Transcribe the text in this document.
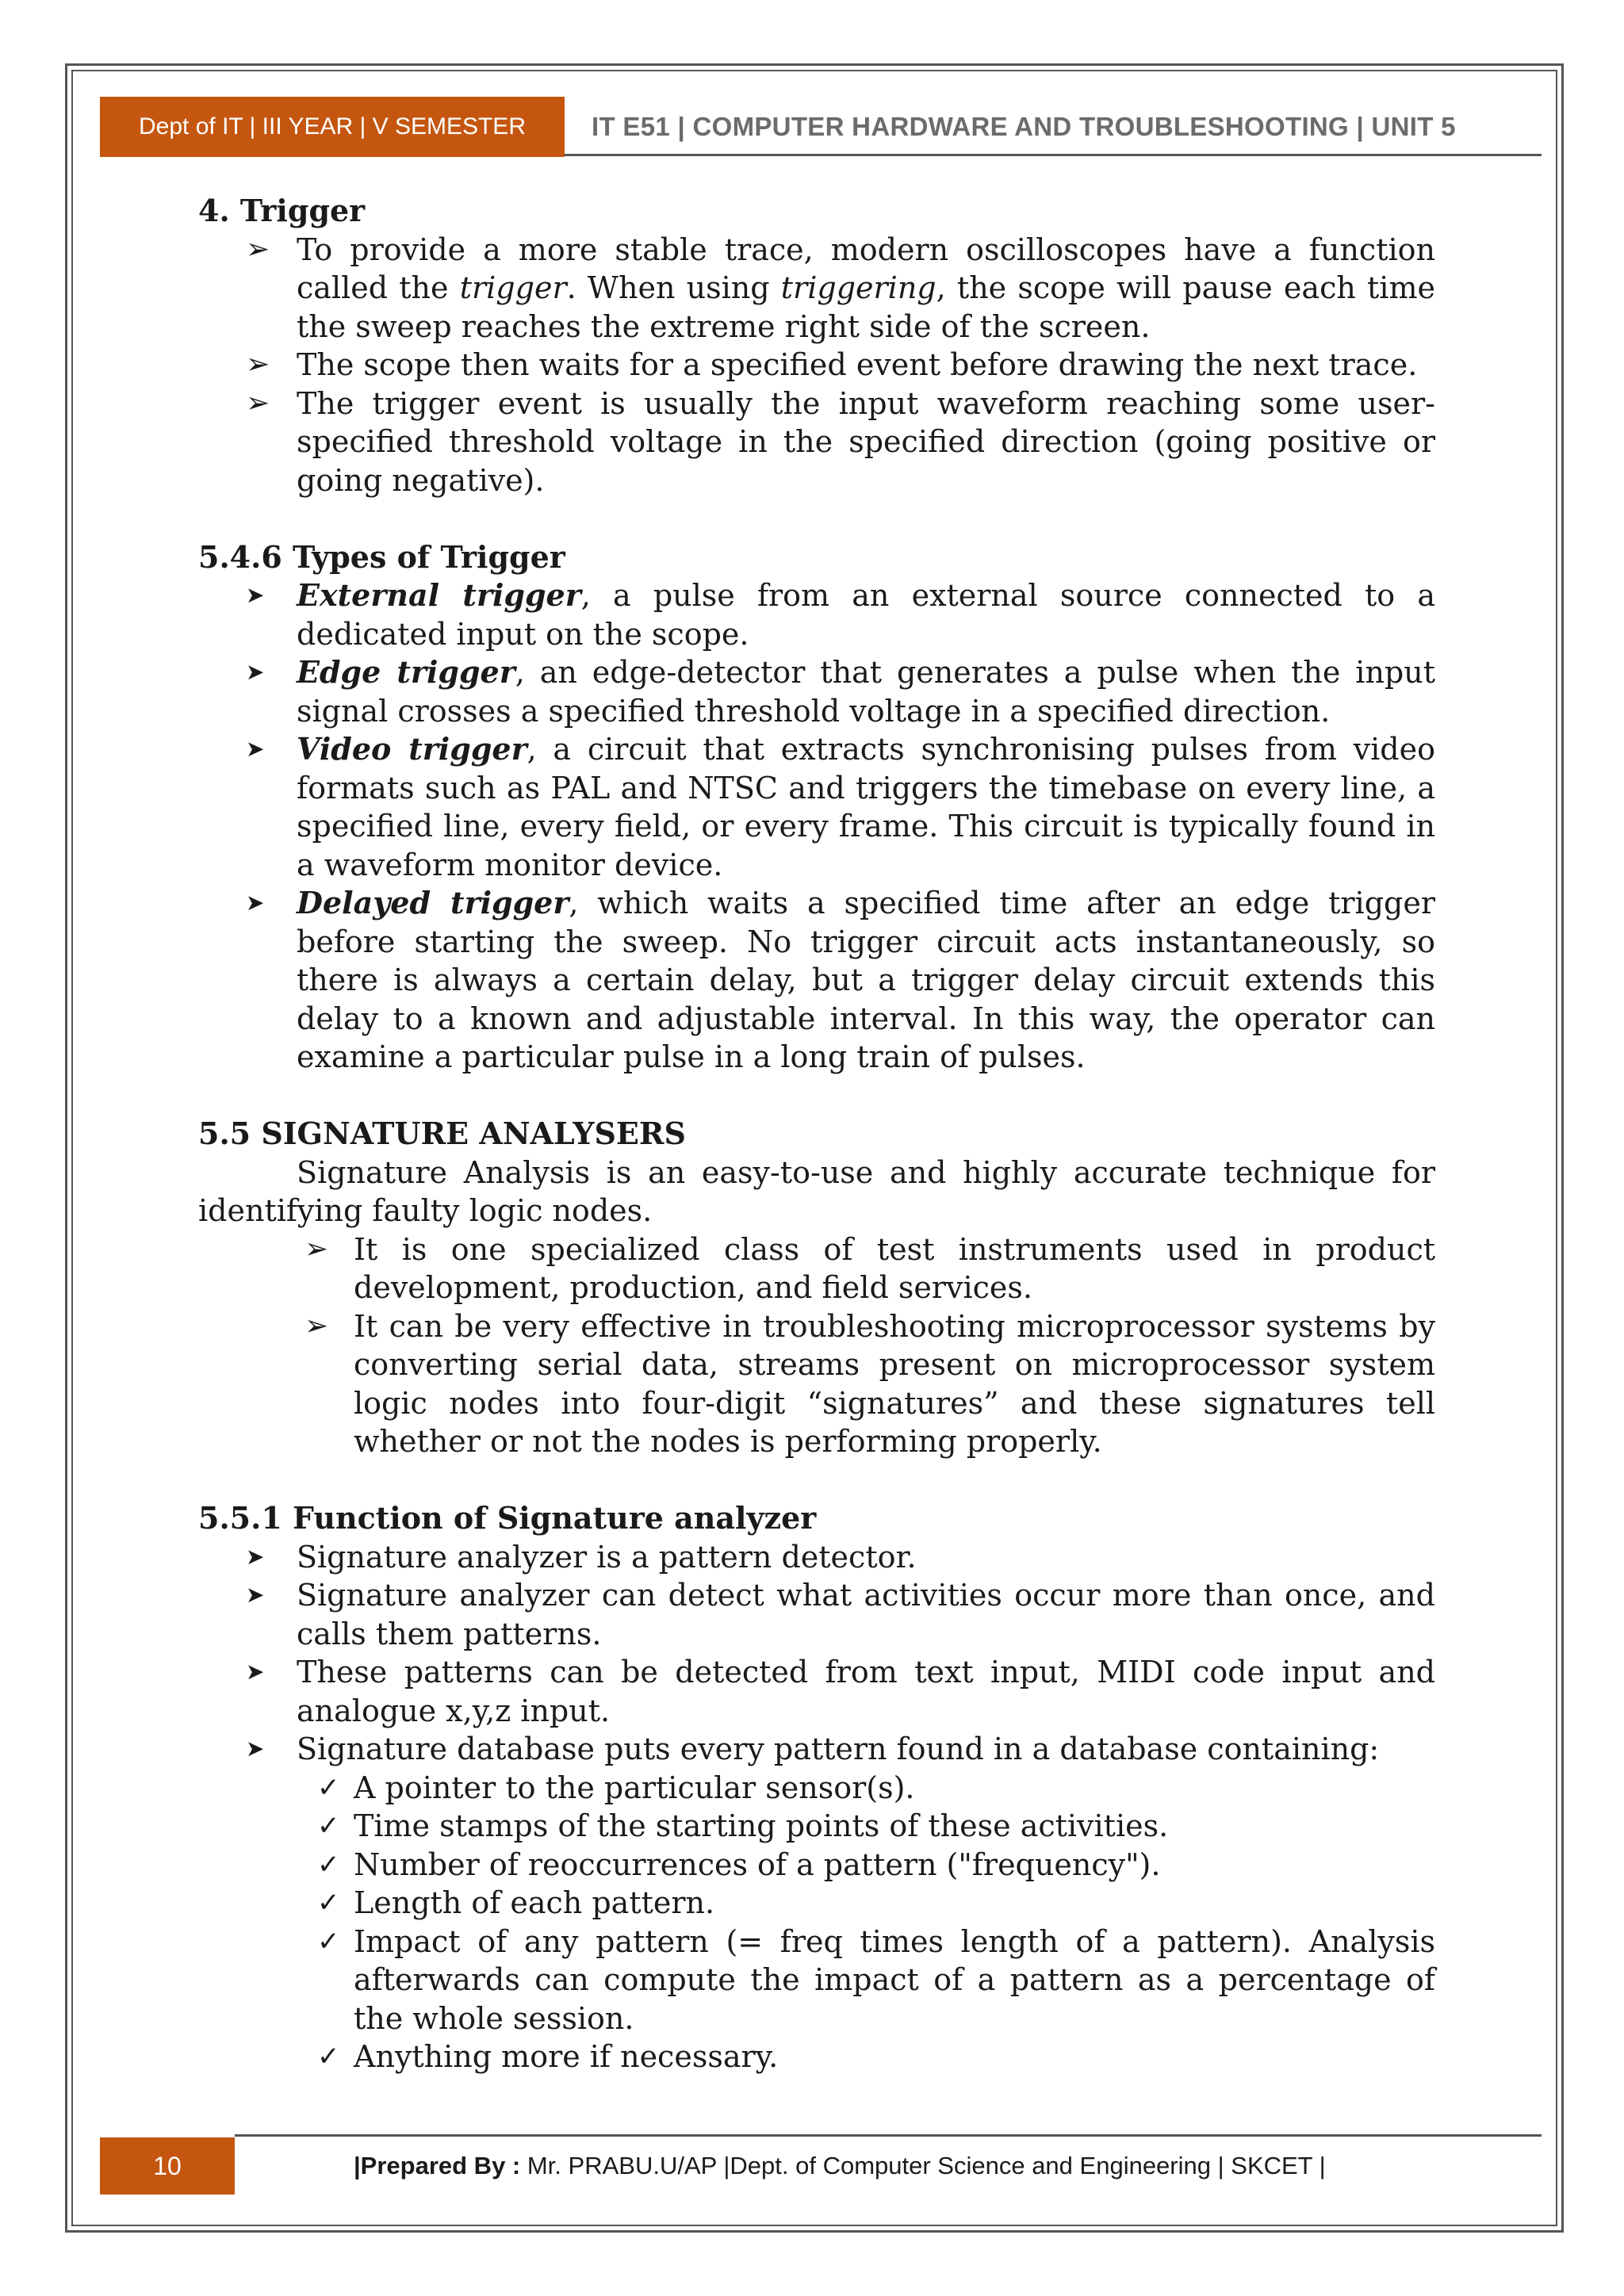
Dept of IT | III YEAR | V SEMESTER	IT E51 | COMPUTER HARDWARE AND TROUBLESHOOTING | UNIT 5

4. Trigger

➢ To provide a more stable trace, modern oscilloscopes have a function called the trigger. When using triggering, the scope will pause each time the sweep reaches the extreme right side of the screen.
➢ The scope then waits for a specified event before drawing the next trace.
➢ The trigger event is usually the input waveform reaching some user-specified threshold voltage in the specified direction (going positive or going negative).

5.4.6 Types of Trigger

➤ External trigger, a pulse from an external source connected to a dedicated input on the scope.
➤ Edge trigger, an edge-detector that generates a pulse when the input signal crosses a specified threshold voltage in a specified direction.
➤ Video trigger, a circuit that extracts synchronising pulses from video formats such as PAL and NTSC and triggers the timebase on every line, a specified line, every field, or every frame. This circuit is typically found in a waveform monitor device.
➤ Delayed trigger, which waits a specified time after an edge trigger before starting the sweep. No trigger circuit acts instantaneously, so there is always a certain delay, but a trigger delay circuit extends this delay to a known and adjustable interval. In this way, the operator can examine a particular pulse in a long train of pulses.

5.5 SIGNATURE ANALYSERS

Signature Analysis is an easy-to-use and highly accurate technique for identifying faulty logic nodes.

➢ It is one specialized class of test instruments used in product development, production, and field services.
➢ It can be very effective in troubleshooting microprocessor systems by converting serial data, streams present on microprocessor system logic nodes into four-digit “signatures” and these signatures tell whether or not the nodes is performing properly.

5.5.1 Function of Signature analyzer

➤ Signature analyzer is a pattern detector.
➤ Signature analyzer can detect what activities occur more than once, and calls them patterns.
➤ These patterns can be detected from text input, MIDI code input and analogue x,y,z input.
➤ Signature database puts every pattern found in a database containing:
✓ A pointer to the particular sensor(s).
✓ Time stamps of the starting points of these activities.
✓ Number of reoccurrences of a pattern ("frequency").
✓ Length of each pattern.
✓ Impact of any pattern (= freq times length of a pattern). Analysis afterwards can compute the impact of a pattern as a percentage of the whole session.
✓ Anything more if necessary.
10	|Prepared By : Mr. PRABU.U/AP |Dept. of Computer Science and Engineering | SKCET |
